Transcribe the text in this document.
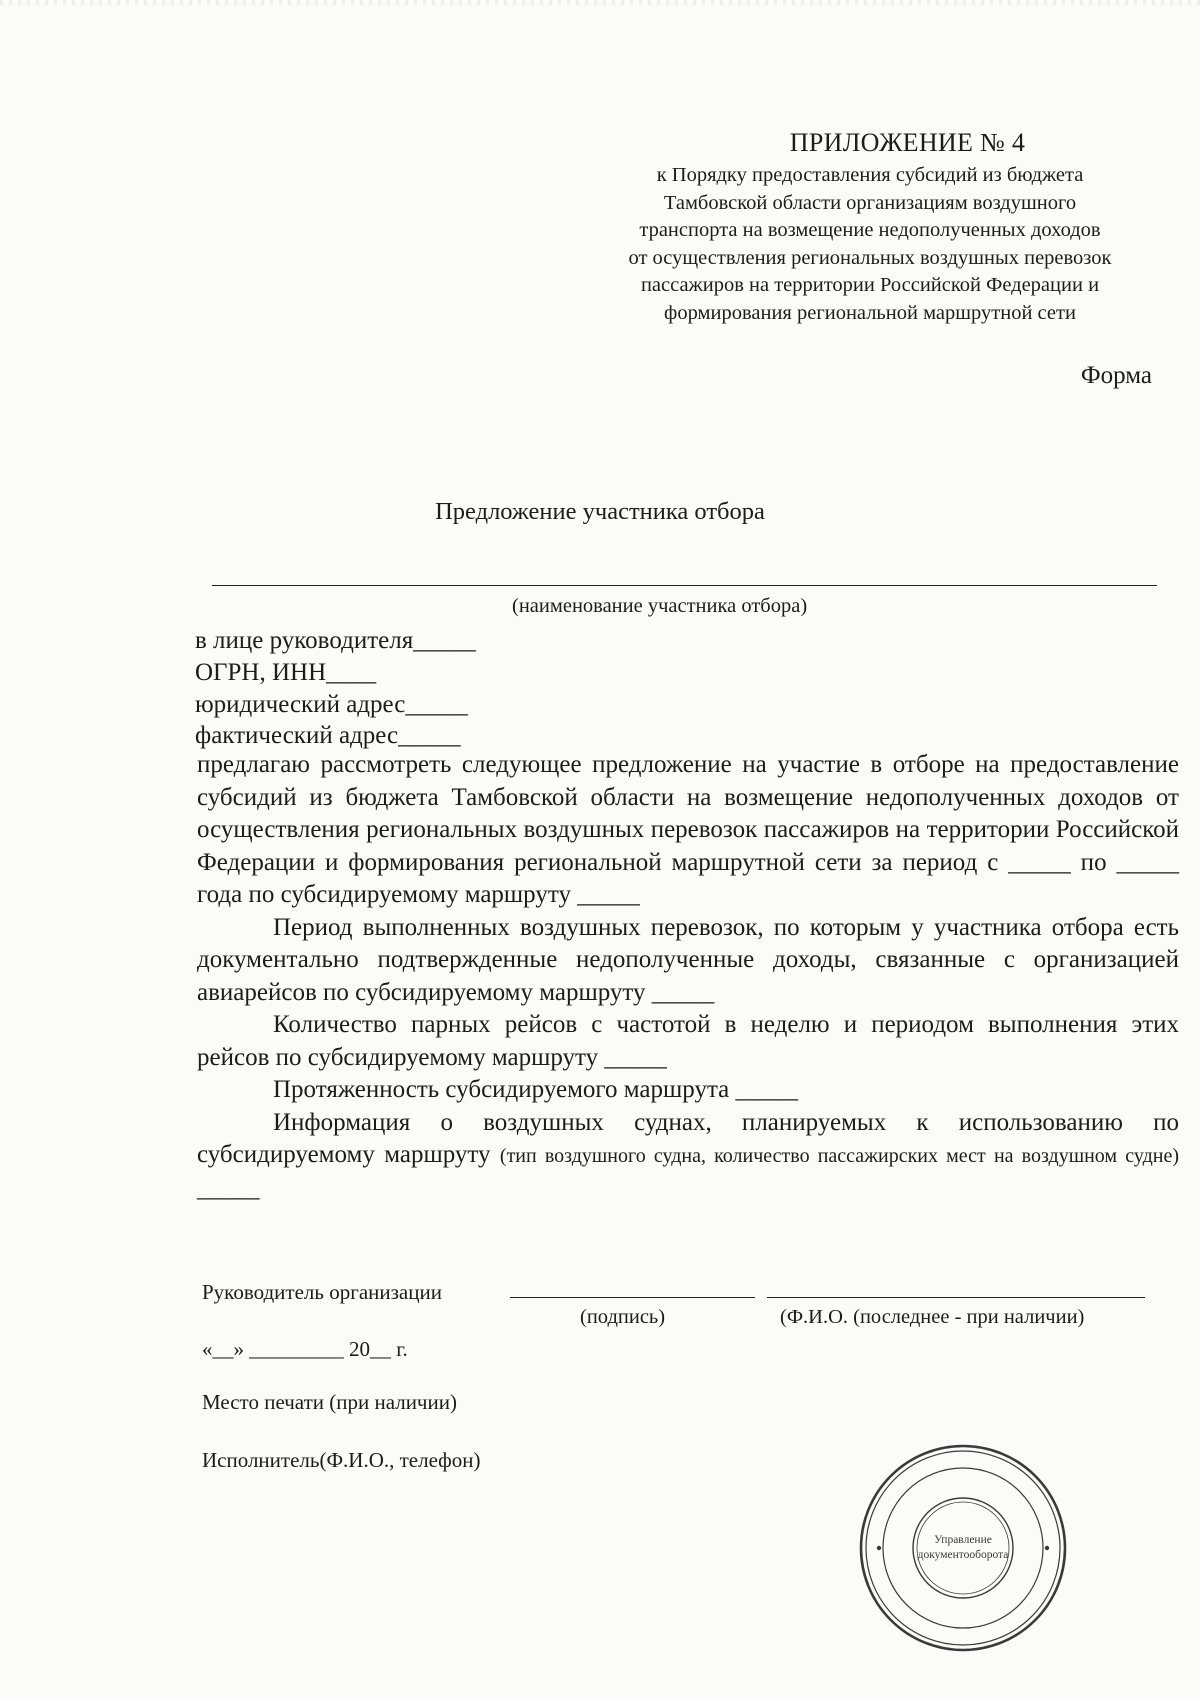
ПРИЛОЖЕНИЕ № 4
к Порядку предоставления субсидий из бюджета
Тамбовской области организациям воздушного
транспорта на возмещение недополученных доходов
от осуществления региональных воздушных перевозок
пассажиров на территории Российской Федерации и
формирования региональной маршрутной сети
Форма
Предложение участника отбора
(наименование участника отбора)
в лице руководителя_____
ОГРН, ИНН____
юридический адрес_____
фактический адрес_____

предлагаю рассмотреть следующее предложение на участие в отборе на предоставление субсидий из бюджета Тамбовской области на возмещение недополученных доходов от осуществления региональных воздушных перевозок пассажиров на территории Российской Федерации и формирования региональной маршрутной сети за период с _____ по _____ года по субсидируемому маршруту _____

Период выполненных воздушных перевозок, по которым у участника отбора есть документально подтвержденные недополученные доходы, связанные с организацией авиарейсов по субсидируемому маршруту _____

Количество парных рейсов с частотой в неделю и периодом выполнения этих рейсов по субсидируемому маршруту _____

Протяженность субсидируемого маршрута _____

Информация о воздушных суднах, планируемых к использованию по субсидируемому маршруту (тип воздушного судна, количество пассажирских мест на воздушном судне) _____

Руководитель организации
(подпись)	(Ф.И.О. (последнее - при наличии)
«__» _________ 20__ г.
Место печати (при наличии)
Исполнитель(Ф.И.О., телефон)
Управление
документооборота
